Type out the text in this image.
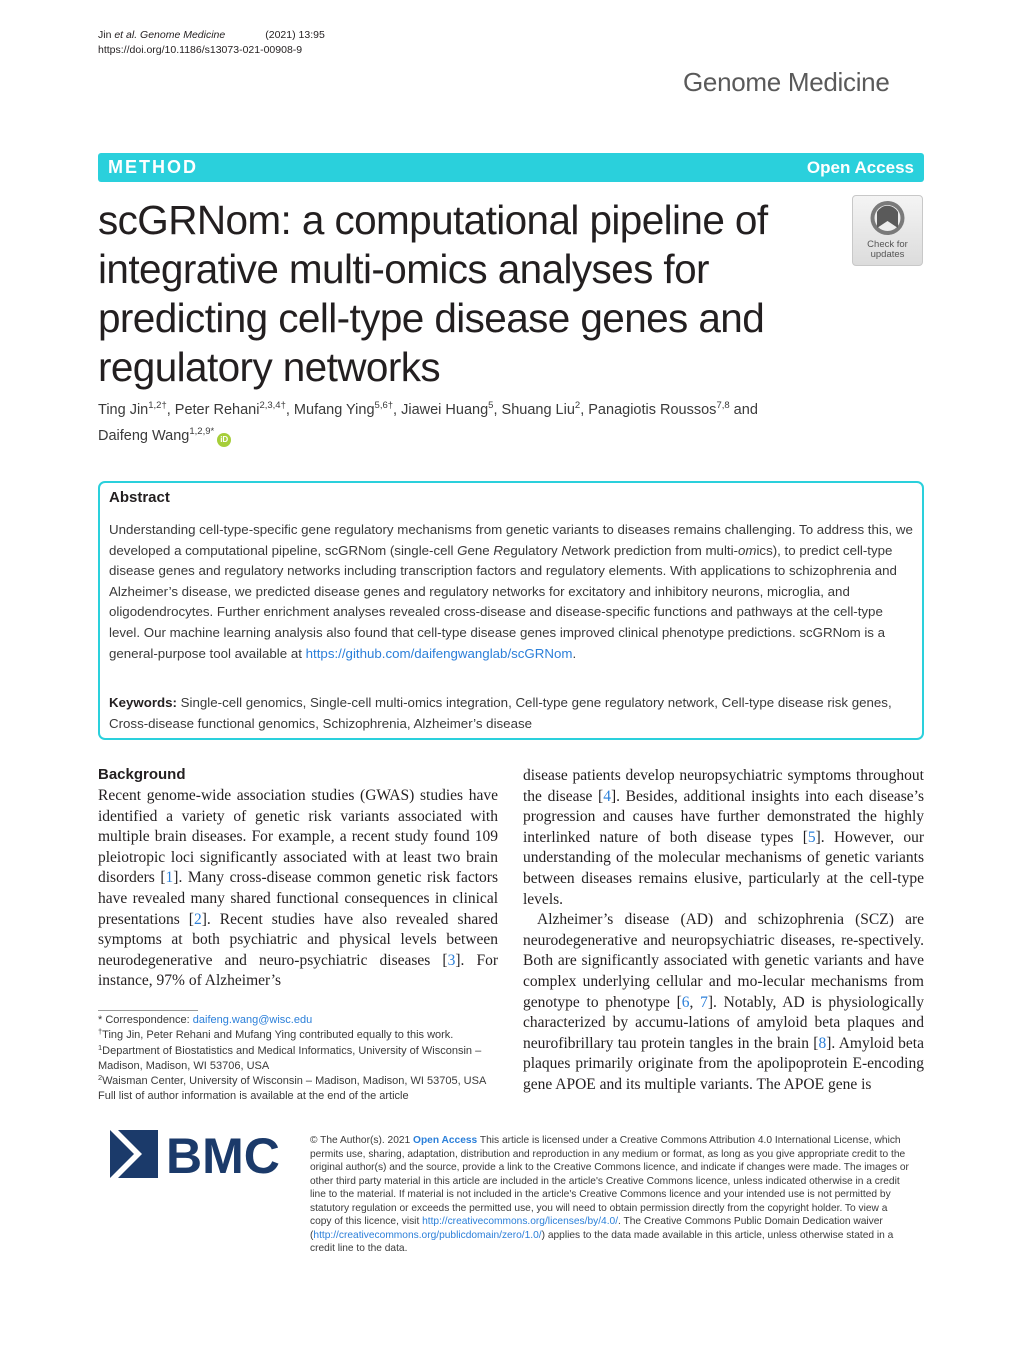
Jin et al. Genome Medicine	(2021) 13:95
https://doi.org/10.1186/s13073-021-00908-9
Genome Medicine
METHOD	Open Access
scGRNom: a computational pipeline of integrative multi-omics analyses for predicting cell-type disease genes and regulatory networks
Check for
updates
Ting Jin$^{1,2\dagger}$, Peter Rehani$^{2,3,4\dagger}$, Mufang Ying$^{5,6\dagger}$, Jiawei Huang$^5$, Shuang Liu$^2$, Panagiotis Roussos$^{7,8}$ and
Daifeng Wang$^{1,2,9*}$iD
Abstract
Understanding cell-type-specific gene regulatory mechanisms from genetic variants to diseases remains challenging. To address this, we developed a computational pipeline, scGRNom (single-cell Gene Regulatory Network prediction from multi-omics), to predict cell-type disease genes and regulatory networks including transcription factors and regulatory elements. With applications to schizophrenia and Alzheimer’s disease, we predicted disease genes and regulatory networks for excitatory and inhibitory neurons, microglia, and oligodendrocytes. Further enrichment analyses revealed cross-disease and disease-specific functions and pathways at the cell-type level. Our machine learning analysis also found that cell-type disease genes improved clinical phenotype predictions. scGRNom is a general-purpose tool available at https://github.com/daifengwanglab/scGRNom.
Keywords: Single-cell genomics, Single-cell multi-omics integration, Cell-type gene regulatory network, Cell-type disease risk genes, Cross-disease functional genomics, Schizophrenia, Alzheimer’s disease
Background

Recent genome-wide association studies (GWAS) studies have identified a variety of genetic risk variants associated with multiple brain diseases. For example, a recent study found 109 pleiotropic loci significantly associated with at least two brain disorders [1]. Many cross-disease common genetic risk factors have revealed many shared functional consequences in clinical presentations [2]. Recent studies have also revealed shared symptoms at both psychiatric and physical levels between neurodegenerative and neuro-psychiatric diseases [3]. For instance, 97% of Alzheimer’s

disease patients develop neuropsychiatric symptoms throughout the disease [4]. Besides, additional insights into each disease’s progression and causes have further demonstrated the highly interlinked nature of both disease types [5]. However, our understanding of the molecular mechanisms of genetic variants between diseases remains elusive, particularly at the cell-type levels.

Alzheimer’s disease (AD) and schizophrenia (SCZ) are neurodegenerative and neuropsychiatric diseases, re-spectively. Both are significantly associated with genetic variants and have complex underlying cellular and mo-lecular mechanisms from genotype to phenotype [6, 7]. Notably, AD is physiologically characterized by accumu-lations of amyloid beta plaques and neurofibrillary tau protein tangles in the brain [8]. Amyloid beta plaques primarily originate from the apolipoprotein E-encoding gene APOE and its multiple variants. The APOE gene is

* Correspondence: daifeng.wang@wisc.edu
†Ting Jin, Peter Rehani and Mufang Ying contributed equally to this work.
$^1$Department of Biostatistics and Medical Informatics, University of Wisconsin – Madison, Madison, WI 53706, USA
$^2$Waisman Center, University of Wisconsin – Madison, Madison, WI 53705, USA
Full list of author information is available at the end of the article
BMC	© The Author(s). 2021 Open Access This article is licensed under a Creative Commons Attribution 4.0 International License, which permits use, sharing, adaptation, distribution and reproduction in any medium or format, as long as you give appropriate credit to the original author(s) and the source, provide a link to the Creative Commons licence, and indicate if changes were made. The images or other third party material in this article are included in the article's Creative Commons licence, unless indicated otherwise in a credit line to the material. If material is not included in the article's Creative Commons licence and your intended use is not permitted by statutory regulation or exceeds the permitted use, you will need to obtain permission directly from the copyright holder. To view a copy of this licence, visit http://creativecommons.org/licenses/by/4.0/. The Creative Commons Public Domain Dedication waiver (http://creativecommons.org/publicdomain/zero/1.0/) applies to the data made available in this article, unless otherwise stated in a credit line to the data.
